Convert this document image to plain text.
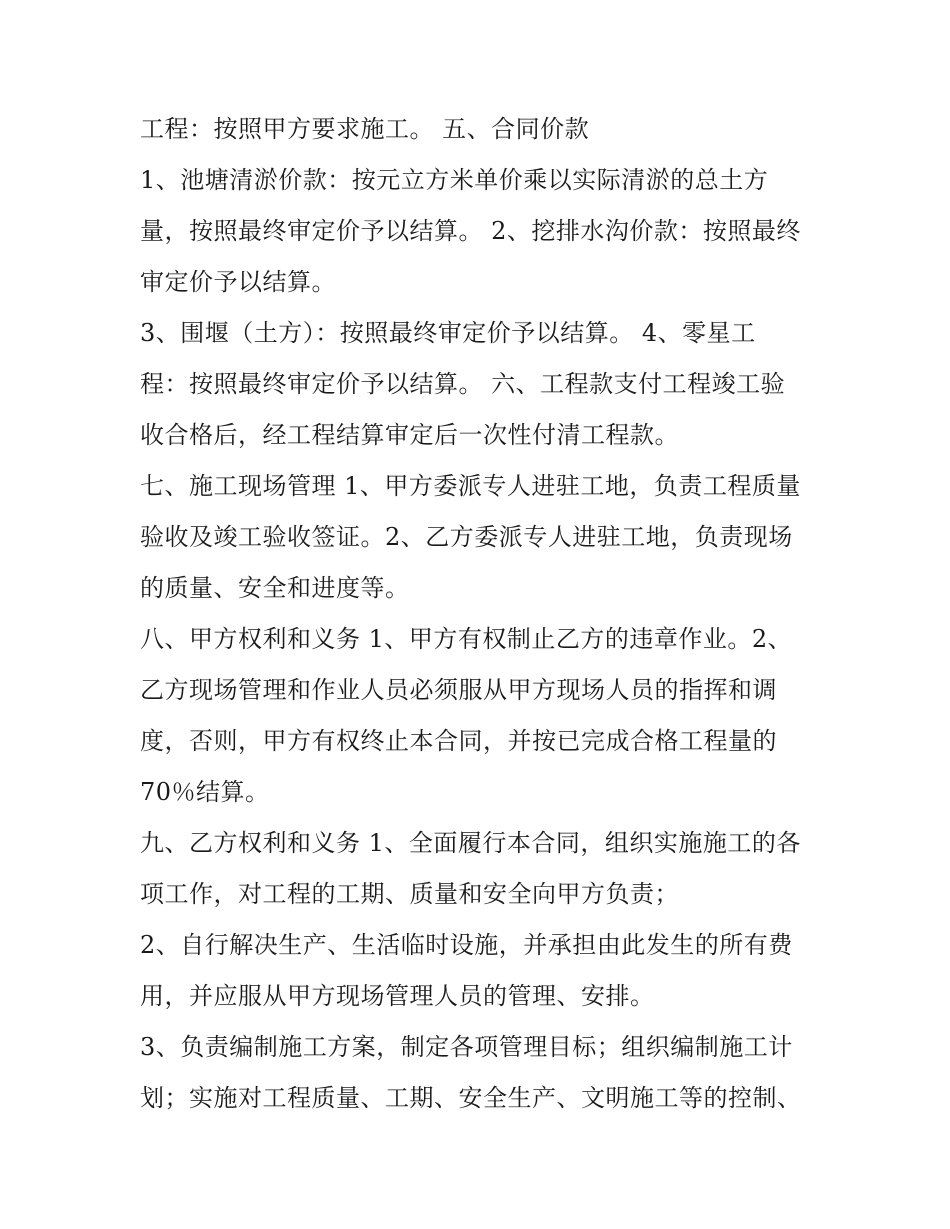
工程：按照甲方要求施工。 五、合同价款
1、池塘清淤价款：按元立方米单价乘以实际清淤的总土方
量，按照最终审定价予以结算。 2、挖排水沟价款：按照最终
审定价予以结算。
3、围堰（土方）：按照最终审定价予以结算。 4、零星工
程：按照最终审定价予以结算。 六、工程款支付工程竣工验
收合格后，经工程结算审定后一次性付清工程款。
七、施工现场管理 1、甲方委派专人进驻工地，负责工程质量
验收及竣工验收签证。2、乙方委派专人进驻工地，负责现场
的质量、安全和进度等。
八、甲方权利和义务 1、甲方有权制止乙方的违章作业。2、
乙方现场管理和作业人员必须服从甲方现场人员的指挥和调
度，否则，甲方有权终止本合同，并按已完成合格工程量的
70％结算。
九、乙方权利和义务 1、全面履行本合同，组织实施施工的各
项工作，对工程的工期、质量和安全向甲方负责；
2、自行解决生产、生活临时设施，并承担由此发生的所有费
用，并应服从甲方现场管理人员的管理、安排。
3、负责编制施工方案，制定各项管理目标；组织编制施工计
划；实施对工程质量、工期、安全生产、文明施工等的控制、
